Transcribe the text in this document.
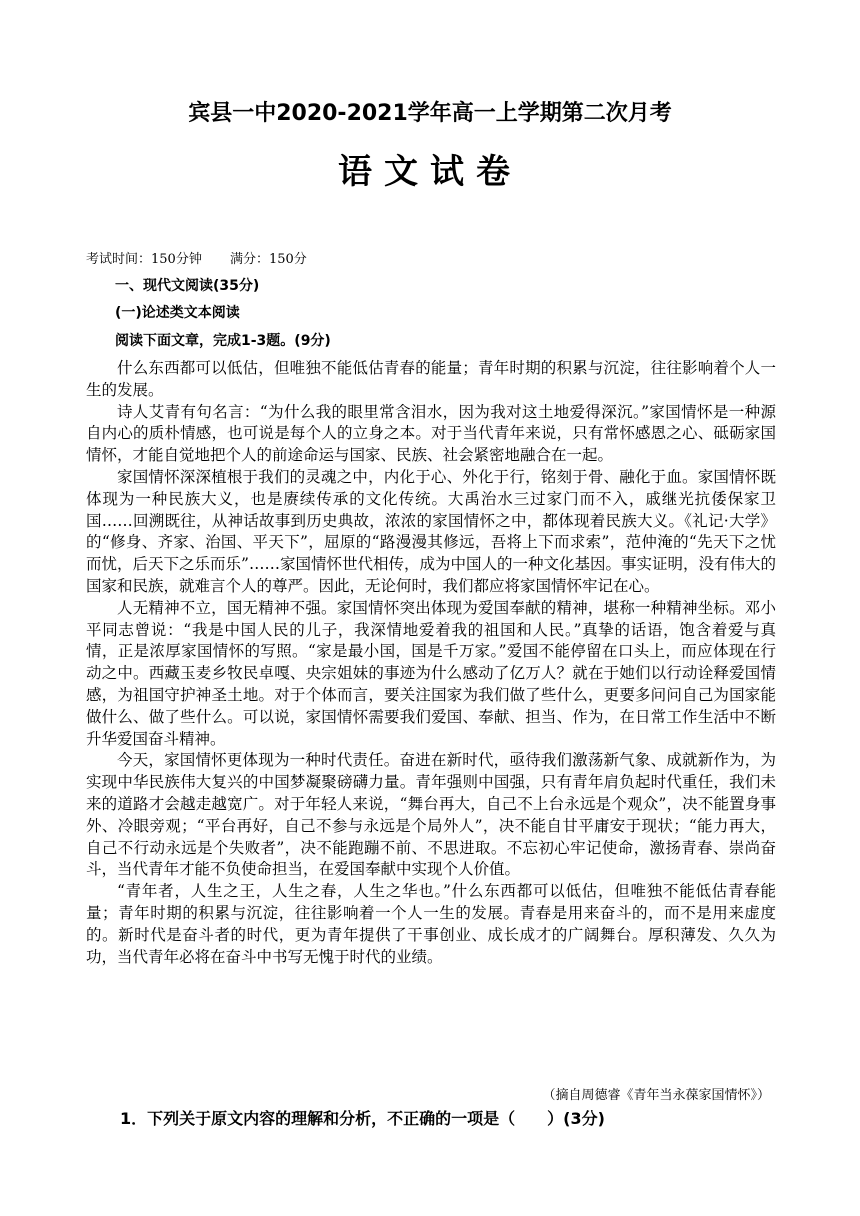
宾县一中2020-2021学年高一上学期第二次月考
语文试卷
考试时间：150分钟 满分：150分
一、现代文阅读(35分)
(一)论述类文本阅读
阅读下面文章，完成1-3题。(9分)

什么东西都可以低估，但唯独不能低估青春的能量；青年时期的积累与沉淀，往往影响着个人一生的发展。

诗人艾青有句名言：“为什么我的眼里常含泪水，因为我对这土地爱得深沉。”家国情怀是一种源自内心的质朴情感，也可说是每个人的立身之本。对于当代青年来说，只有常怀感恩之心、砥砺家国情怀，才能自觉地把个人的前途命运与国家、民族、社会紧密地融合在一起。

家国情怀深深植根于我们的灵魂之中，内化于心、外化于行，铭刻于骨、融化于血。家国情怀既体现为一种民族大义，也是赓续传承的文化传统。大禹治水三过家门而不入，戚继光抗倭保家卫国……回溯既往，从神话故事到历史典故，浓浓的家国情怀之中，都体现着民族大义。《礼记·大学》的“修身、齐家、治国、平天下”，屈原的“路漫漫其修远，吾将上下而求索”，范仲淹的“先天下之忧而忧，后天下之乐而乐”……家国情怀世代相传，成为中国人的一种文化基因。事实证明，没有伟大的国家和民族，就难言个人的尊严。因此，无论何时，我们都应将家国情怀牢记在心。

人无精神不立，国无精神不强。家国情怀突出体现为爱国奉献的精神，堪称一种精神坐标。邓小平同志曾说：“我是中国人民的儿子，我深情地爱着我的祖国和人民。”真挚的话语，饱含着爱与真情，正是浓厚家国情怀的写照。“家是最小国，国是千万家。”爱国不能停留在口头上，而应体现在行动之中。西藏玉麦乡牧民卓嘎、央宗姐妹的事迹为什么感动了亿万人？就在于她们以行动诠释爱国情感，为祖国守护神圣土地。对于个体而言，要关注国家为我们做了些什么，更要多问问自己为国家能做什么、做了些什么。可以说，家国情怀需要我们爱国、奉献、担当、作为，在日常工作生活中不断升华爱国奋斗精神。

今天，家国情怀更体现为一种时代责任。奋进在新时代，亟待我们激荡新气象、成就新作为，为实现中华民族伟大复兴的中国梦凝聚磅礴力量。青年强则中国强，只有青年肩负起时代重任，我们未来的道路才会越走越宽广。对于年轻人来说，“舞台再大，自己不上台永远是个观众”，决不能置身事外、冷眼旁观；“平台再好，自己不参与永远是个局外人”，决不能自甘平庸安于现状；“能力再大，自己不行动永远是个失败者”，决不能跑蹦不前、不思进取。不忘初心牢记使命，激扬青春、崇尚奋斗，当代青年才能不负使命担当，在爱国奉献中实现个人价值。

“青年者，人生之王，人生之春，人生之华也。”什么东西都可以低估，但唯独不能低估青春能量；青年时期的积累与沉淀，往往影响着一个人一生的发展。青春是用来奋斗的，而不是用来虚度的。新时代是奋斗者的时代，更为青年提供了干事创业、成长成才的广阔舞台。厚积薄发、久久为功，当代青年必将在奋斗中书写无愧于时代的业绩。

（摘自周德睿《青年当永葆家国情怀》）
1．下列关于原文内容的理解和分析，不正确的一项是（　　）(3分)
